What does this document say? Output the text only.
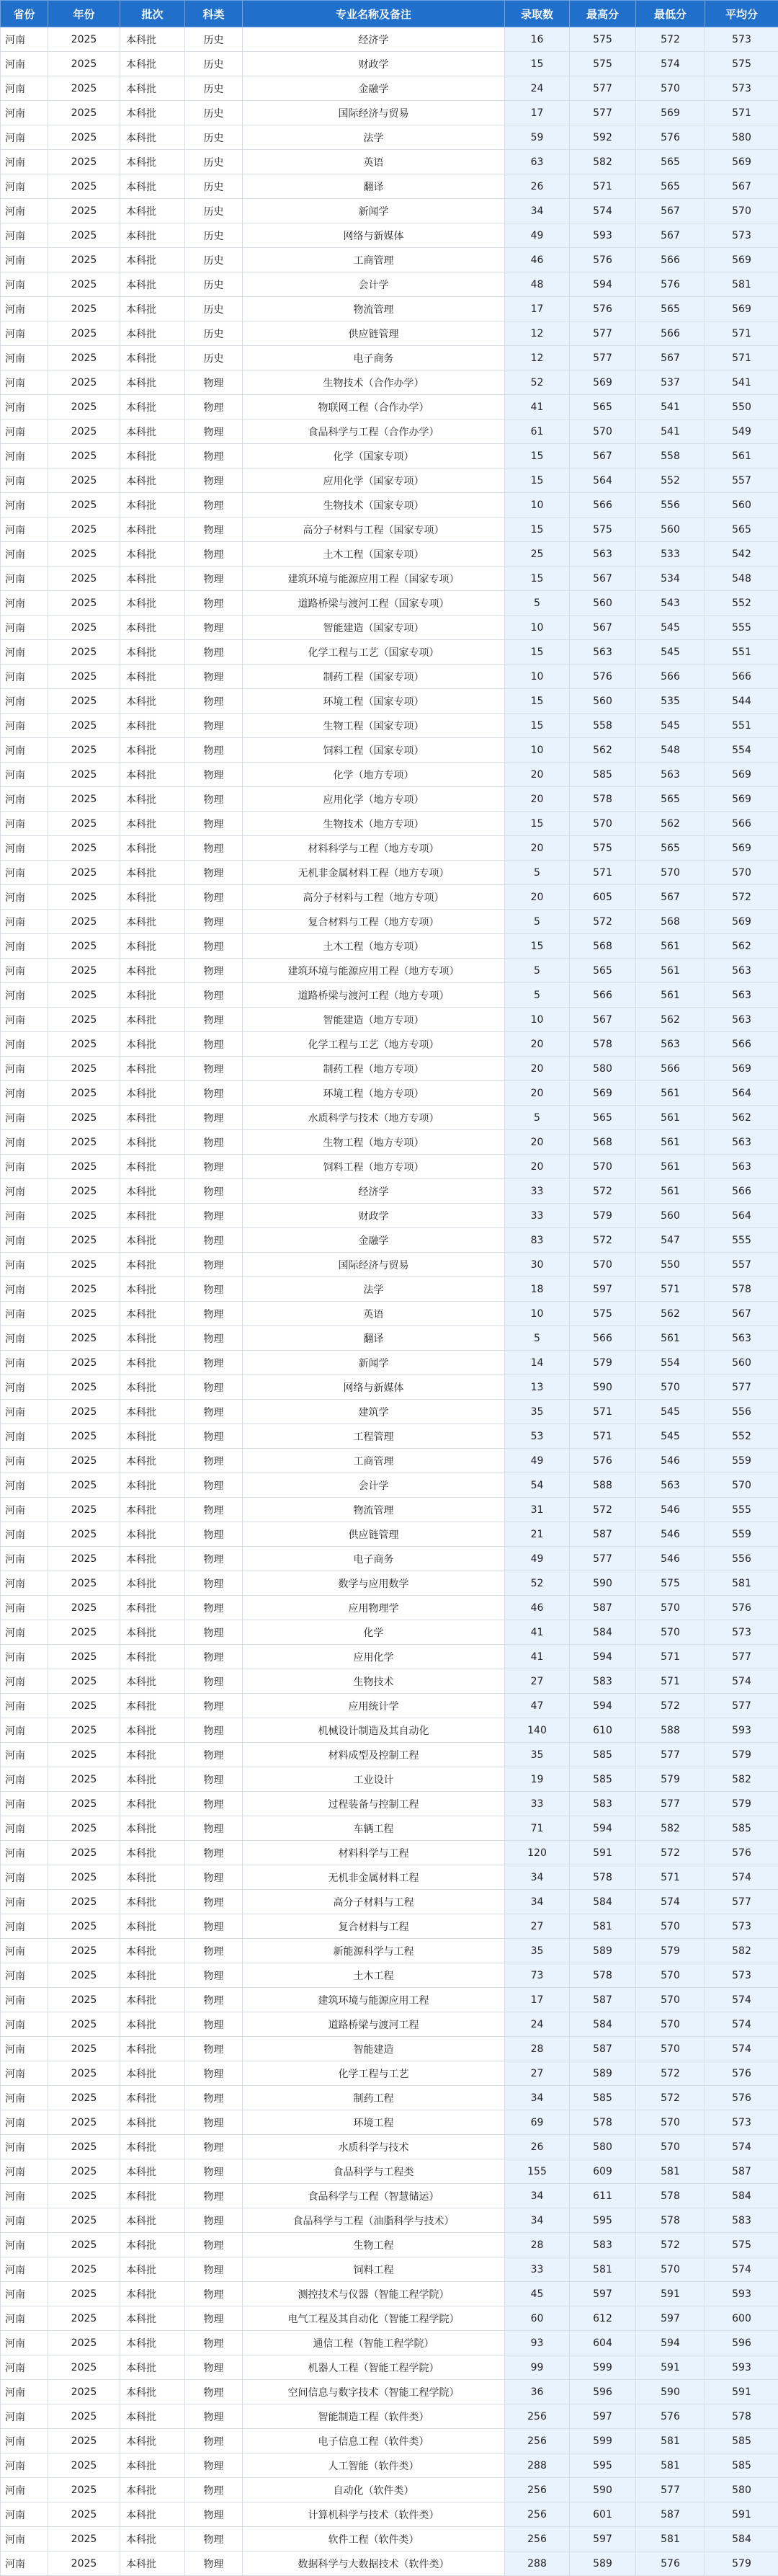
省份	年份	批次	科类	专业名称及备注	录取数	最高分	最低分	平均分
河南	2025	本科批	历史	经济学	16	575	572	573
河南	2025	本科批	历史	财政学	15	575	574	575
河南	2025	本科批	历史	金融学	24	577	570	573
河南	2025	本科批	历史	国际经济与贸易	17	577	569	571
河南	2025	本科批	历史	法学	59	592	576	580
河南	2025	本科批	历史	英语	63	582	565	569
河南	2025	本科批	历史	翻译	26	571	565	567
河南	2025	本科批	历史	新闻学	34	574	567	570
河南	2025	本科批	历史	网络与新媒体	49	593	567	573
河南	2025	本科批	历史	工商管理	46	576	566	569
河南	2025	本科批	历史	会计学	48	594	576	581
河南	2025	本科批	历史	物流管理	17	576	565	569
河南	2025	本科批	历史	供应链管理	12	577	566	571
河南	2025	本科批	历史	电子商务	12	577	567	571
河南	2025	本科批	物理	生物技术（合作办学）	52	569	537	541
河南	2025	本科批	物理	物联网工程（合作办学）	41	565	541	550
河南	2025	本科批	物理	食品科学与工程（合作办学）	61	570	541	549
河南	2025	本科批	物理	化学（国家专项）	15	567	558	561
河南	2025	本科批	物理	应用化学（国家专项）	15	564	552	557
河南	2025	本科批	物理	生物技术（国家专项）	10	566	556	560
河南	2025	本科批	物理	高分子材料与工程（国家专项）	15	575	560	565
河南	2025	本科批	物理	土木工程（国家专项）	25	563	533	542
河南	2025	本科批	物理	建筑环境与能源应用工程（国家专项）	15	567	534	548
河南	2025	本科批	物理	道路桥梁与渡河工程（国家专项）	5	560	543	552
河南	2025	本科批	物理	智能建造（国家专项）	10	567	545	555
河南	2025	本科批	物理	化学工程与工艺（国家专项）	15	563	545	551
河南	2025	本科批	物理	制药工程（国家专项）	10	576	566	566
河南	2025	本科批	物理	环境工程（国家专项）	15	560	535	544
河南	2025	本科批	物理	生物工程（国家专项）	15	558	545	551
河南	2025	本科批	物理	饲料工程（国家专项）	10	562	548	554
河南	2025	本科批	物理	化学（地方专项）	20	585	563	569
河南	2025	本科批	物理	应用化学（地方专项）	20	578	565	569
河南	2025	本科批	物理	生物技术（地方专项）	15	570	562	566
河南	2025	本科批	物理	材料科学与工程（地方专项）	20	575	565	569
河南	2025	本科批	物理	无机非金属材料工程（地方专项）	5	571	570	570
河南	2025	本科批	物理	高分子材料与工程（地方专项）	20	605	567	572
河南	2025	本科批	物理	复合材料与工程（地方专项）	5	572	568	569
河南	2025	本科批	物理	土木工程（地方专项）	15	568	561	562
河南	2025	本科批	物理	建筑环境与能源应用工程（地方专项）	5	565	561	563
河南	2025	本科批	物理	道路桥梁与渡河工程（地方专项）	5	566	561	563
河南	2025	本科批	物理	智能建造（地方专项）	10	567	562	563
河南	2025	本科批	物理	化学工程与工艺（地方专项）	20	578	563	566
河南	2025	本科批	物理	制药工程（地方专项）	20	580	566	569
河南	2025	本科批	物理	环境工程（地方专项）	20	569	561	564
河南	2025	本科批	物理	水质科学与技术（地方专项）	5	565	561	562
河南	2025	本科批	物理	生物工程（地方专项）	20	568	561	563
河南	2025	本科批	物理	饲料工程（地方专项）	20	570	561	563
河南	2025	本科批	物理	经济学	33	572	561	566
河南	2025	本科批	物理	财政学	33	579	560	564
河南	2025	本科批	物理	金融学	83	572	547	555
河南	2025	本科批	物理	国际经济与贸易	30	570	550	557
河南	2025	本科批	物理	法学	18	597	571	578
河南	2025	本科批	物理	英语	10	575	562	567
河南	2025	本科批	物理	翻译	5	566	561	563
河南	2025	本科批	物理	新闻学	14	579	554	560
河南	2025	本科批	物理	网络与新媒体	13	590	570	577
河南	2025	本科批	物理	建筑学	35	571	545	556
河南	2025	本科批	物理	工程管理	53	571	545	552
河南	2025	本科批	物理	工商管理	49	576	546	559
河南	2025	本科批	物理	会计学	54	588	563	570
河南	2025	本科批	物理	物流管理	31	572	546	555
河南	2025	本科批	物理	供应链管理	21	587	546	559
河南	2025	本科批	物理	电子商务	49	577	546	556
河南	2025	本科批	物理	数学与应用数学	52	590	575	581
河南	2025	本科批	物理	应用物理学	46	587	570	576
河南	2025	本科批	物理	化学	41	584	570	573
河南	2025	本科批	物理	应用化学	41	594	571	577
河南	2025	本科批	物理	生物技术	27	583	571	574
河南	2025	本科批	物理	应用统计学	47	594	572	577
河南	2025	本科批	物理	机械设计制造及其自动化	140	610	588	593
河南	2025	本科批	物理	材料成型及控制工程	35	585	577	579
河南	2025	本科批	物理	工业设计	19	585	579	582
河南	2025	本科批	物理	过程装备与控制工程	33	583	577	579
河南	2025	本科批	物理	车辆工程	71	594	582	585
河南	2025	本科批	物理	材料科学与工程	120	591	572	576
河南	2025	本科批	物理	无机非金属材料工程	34	578	571	574
河南	2025	本科批	物理	高分子材料与工程	34	584	574	577
河南	2025	本科批	物理	复合材料与工程	27	581	570	573
河南	2025	本科批	物理	新能源科学与工程	35	589	579	582
河南	2025	本科批	物理	土木工程	73	578	570	573
河南	2025	本科批	物理	建筑环境与能源应用工程	17	587	570	574
河南	2025	本科批	物理	道路桥梁与渡河工程	24	584	570	574
河南	2025	本科批	物理	智能建造	28	587	570	574
河南	2025	本科批	物理	化学工程与工艺	27	589	572	576
河南	2025	本科批	物理	制药工程	34	585	572	576
河南	2025	本科批	物理	环境工程	69	578	570	573
河南	2025	本科批	物理	水质科学与技术	26	580	570	574
河南	2025	本科批	物理	食品科学与工程类	155	609	581	587
河南	2025	本科批	物理	食品科学与工程（智慧储运）	34	611	578	584
河南	2025	本科批	物理	食品科学与工程（油脂科学与技术）	34	595	578	583
河南	2025	本科批	物理	生物工程	28	583	572	575
河南	2025	本科批	物理	饲料工程	33	581	570	574
河南	2025	本科批	物理	测控技术与仪器（智能工程学院）	45	597	591	593
河南	2025	本科批	物理	电气工程及其自动化（智能工程学院）	60	612	597	600
河南	2025	本科批	物理	通信工程（智能工程学院）	93	604	594	596
河南	2025	本科批	物理	机器人工程（智能工程学院）	99	599	591	593
河南	2025	本科批	物理	空间信息与数字技术（智能工程学院）	36	596	590	591
河南	2025	本科批	物理	智能制造工程（软件类）	256	597	576	578
河南	2025	本科批	物理	电子信息工程（软件类）	256	599	581	585
河南	2025	本科批	物理	人工智能（软件类）	288	595	581	585
河南	2025	本科批	物理	自动化（软件类）	256	590	577	580
河南	2025	本科批	物理	计算机科学与技术（软件类）	256	601	587	591
河南	2025	本科批	物理	软件工程（软件类）	256	597	581	584
河南	2025	本科批	物理	数据科学与大数据技术（软件类）	288	589	576	579
